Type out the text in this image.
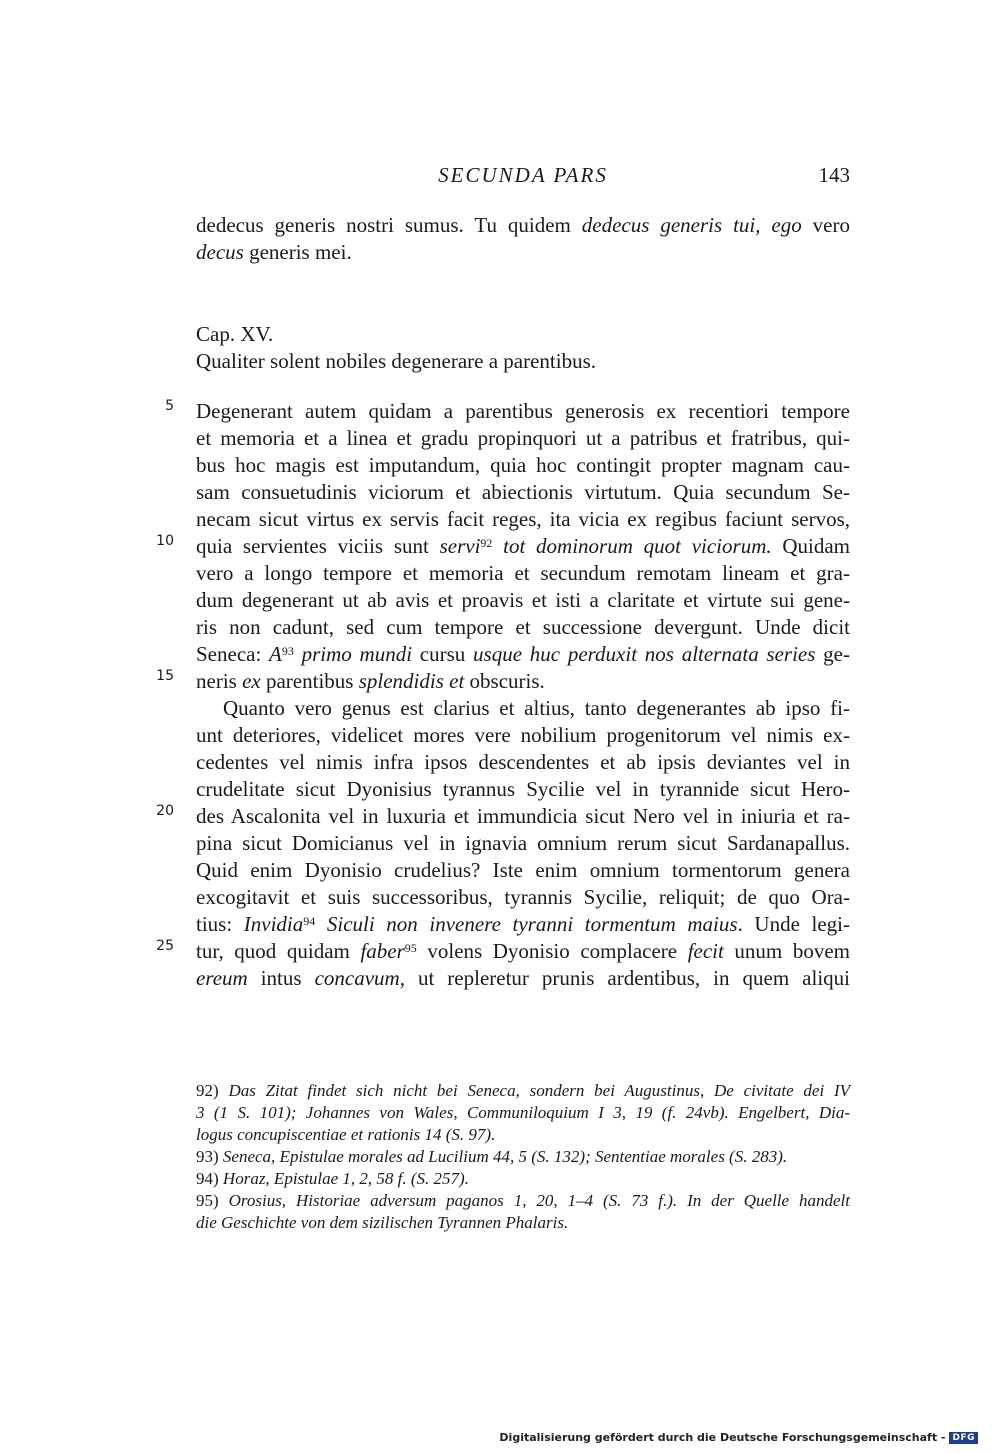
SECUNDA PARS	143
dedecus generis nostri sumus. Tu quidem dedecus generis tui, ego vero
decus generis mei.
Cap. XV.
Qualiter solent nobiles degenerare a parentibus.
5
10
15
20
25
Degenerant autem quidam a parentibus generosis ex recentiori tempore
et memoria et a linea et gradu propinquori ut a patribus et fratribus, qui-
bus hoc magis est imputandum, quia hoc contingit propter magnam cau-
sam consuetudinis viciorum et abiectionis virtutum. Quia secundum Se-
necam sicut virtus ex servis facit reges, ita vicia ex regibus faciunt servos,
quia servientes viciis sunt servi$^{92}$ tot dominorum quot viciorum. Quidam
vero a longo tempore et memoria et secundum remotam lineam et gra-
dum degenerant ut ab avis et proavis et isti a claritate et virtute sui gene-
ris non cadunt, sed cum tempore et successione devergunt. Unde dicit
Seneca: $A^{93}$ primo mundi cursu usque huc perduxit nos alternata series ge-
neris ex parentibus splendidis et obscuris.
Quanto vero genus est clarius et altius, tanto degenerantes ab ipso fi-
unt deteriores, videlicet mores vere nobilium progenitorum vel nimis ex-
cedentes vel nimis infra ipsos descendentes et ab ipsis deviantes vel in
crudelitate sicut Dyonisius tyrannus Sycilie vel in tyrannide sicut Hero-
des Ascalonita vel in luxuria et immundicia sicut Nero vel in iniuria et ra-
pina sicut Domicianus vel in ignavia omnium rerum sicut Sardanapallus.
Quid enim Dyonisio crudelius? Iste enim omnium tormentorum genera
excogitavit et suis successoribus, tyrannis Sycilie, reliquit; de quo Ora-
tius: Invidia$^{94}$ Siculi non invenere tyranni tormentum maius. Unde legi-
tur, quod quidam faber$^{95}$ volens Dyonisio complacere fecit unum bovem
ereum intus concavum, ut repleretur prunis ardentibus, in quem aliqui
92) Das Zitat findet sich nicht bei Seneca, sondern bei Augustinus, De civitate dei IV
3 (1 S. 101); Johannes von Wales, Communiloquium I 3, 19 (f. 24vb). Engelbert, Dia-
logus concupiscentiae et rationis 14 (S. 97).
93) Seneca, Epistulae morales ad Lucilium 44, 5 (S. 132); Sententiae morales (S. 283).
94) Horaz, Epistulae 1, 2, 58 f. (S. 257).
95) Orosius, Historiae adversum paganos 1, 20, 1–4 (S. 73 f.). In der Quelle handelt
die Geschichte von dem sizilischen Tyrannen Phalaris.
Digitalisierung gefördert durch die Deutsche Forschungsgemeinschaft - DFG
